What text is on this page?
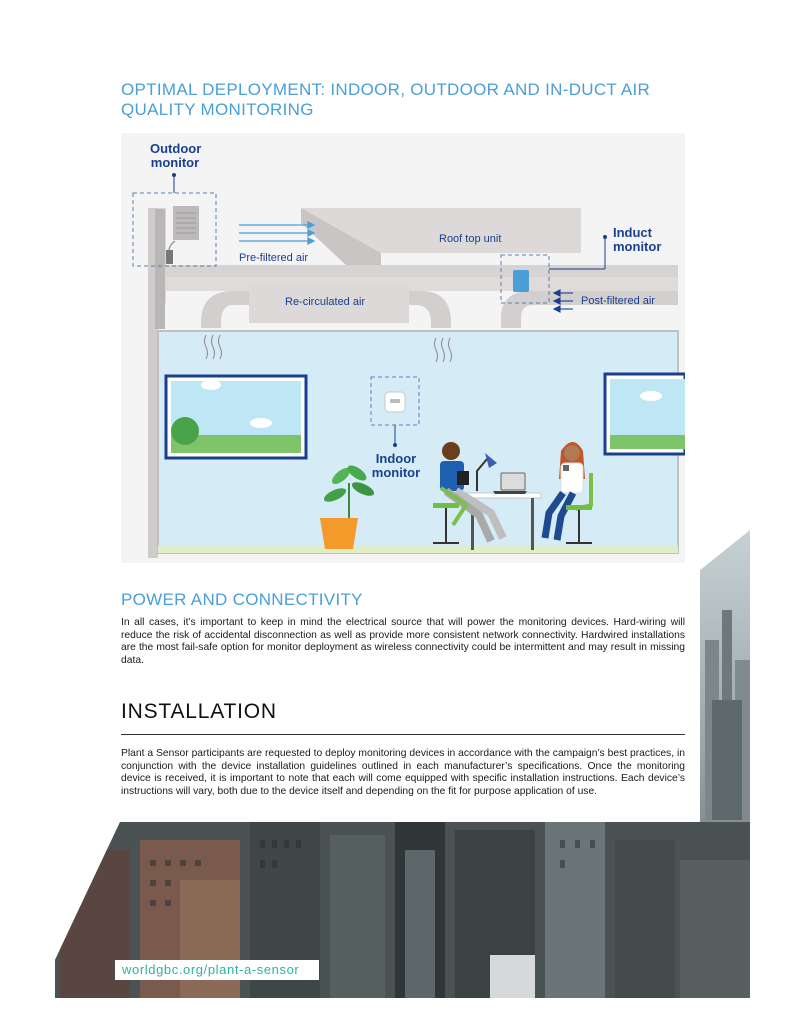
OPTIMAL DEPLOYMENT: INDOOR, OUTDOOR AND IN-DUCT AIR
QUALITY MONITORING
Outdoor
monitor
Induct
monitor
Indoor
monitor
Roof top unit
Pre-filtered air
Re-circulated air	Post-filtered air
POWER AND CONNECTIVITY

In all cases, it’s important to keep in mind the electrical source that will power the monitoring devices. Hard-wiring will reduce the risk of accidental disconnection as well as provide more consistent network connectivity. Hardwired installations are the most fail-safe option for monitor deployment as wireless connectivity could be intermittent and may result in missing data.

INSTALLATION

Plant a Sensor participants are requested to deploy monitoring devices in accordance with the campaign’s best practices, in conjunction with the device installation guidelines outlined in each manufacturer’s specifications. Once the monitoring device is received, it is important to note that each will come equipped with specific installation instructions. Each device’s instructions will vary, both due to the device itself and depending on the fit for purpose application of use.

worldgbc.org/plant-a-sensor
